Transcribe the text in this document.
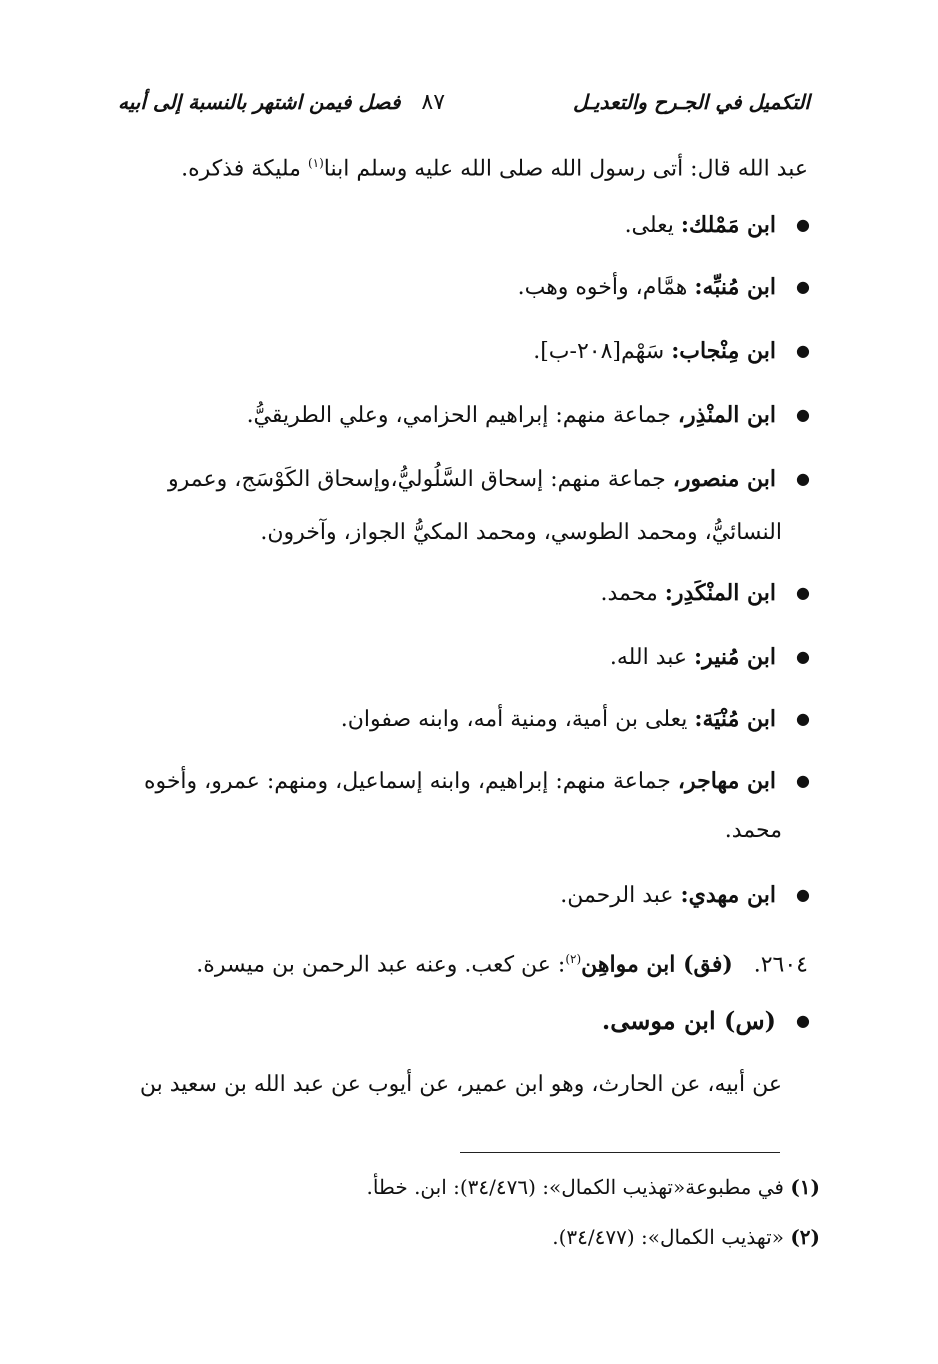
التكميل في الجـرح والتعديـل
٨٧ فصل فيمن اشتهر بالنسبة إلى أبيه
عبد الله قال: أتى رسول الله صلى الله عليه وسلم ابنا$^{(١)}$ مليكة فذكره.
● ابن مَمْلك: يعلى.
● ابن مُنبِّه: همَّام، وأخوه وهب.
● ابن مِنْجاب: سَهْم[٢٠٨-ب].
● ابن المنْذِر، جماعة منهم: إبراهيم الحزامي، وعلي الطريقيُّ.
● ابن منصور، جماعة منهم: إسحاق السَّلُوليُّ،وإسحاق الكَوْسَج، وعمرو
النسائيُّ، ومحمد الطوسي، ومحمد المكيُّ الجواز، وآخرون.
● ابن المنْكَدِر: محمد.
● ابن مُنير: عبد الله.
● ابن مُنْيَة: يعلى بن أمية، ومنية أمه، وابنه صفوان.
● ابن مهاجر، جماعة منهم: إبراهيم، وابنه إسماعيل، ومنهم: عمرو، وأخوه
محمد.
● ابن مهدي: عبد الرحمن.
٢٦٠٤.   (فق) ابن مواهِن$^{(٢)}$: عن كعب. وعنه عبد الرحمن بن ميسرة.
● (س) ابن موسى.
عن أبيه، عن الحارث، وهو ابن عمير، عن أيوب عن عبد الله بن سعيد بن
(١) في مطبوعة«تهذيب الكمال»: (٣٤/٤٧٦): ابن. خطأ.
(٢) «تهذيب الكمال»: (٣٤/٤٧٧).
